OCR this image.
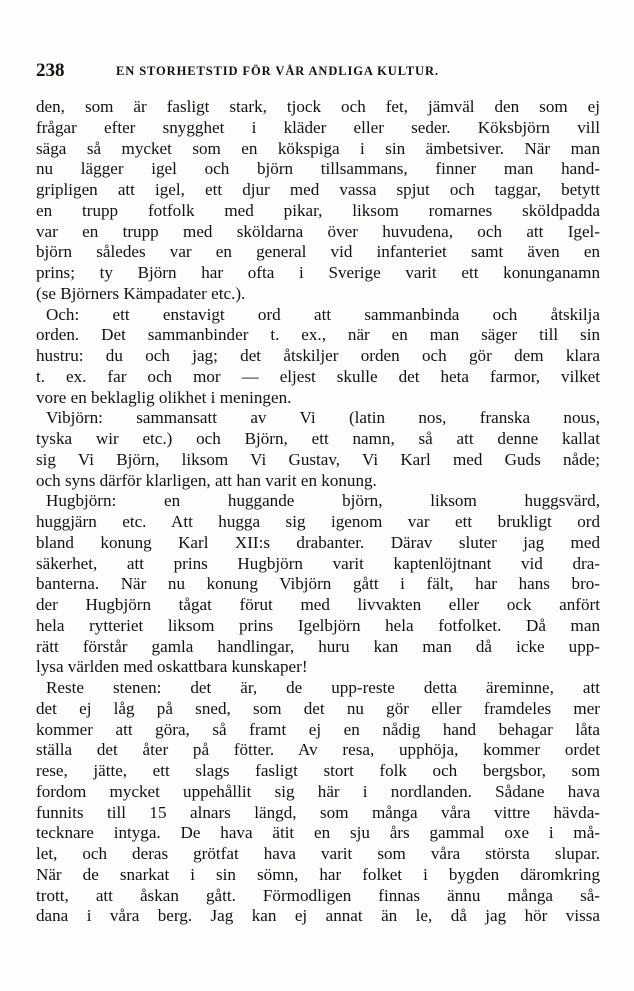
238	EN STORHETSTID FÖR VÅR ANDLIGA KULTUR.
den, som är fasligt stark, tjock och fet, jämväl den som ej
frågar efter snygghet i kläder eller seder. Köksbjörn vill
säga så mycket som en kökspiga i sin ämbetsiver. När man
nu lägger igel och björn tillsammans, finner man hand-
gripligen att igel, ett djur med vassa spjut och taggar, betytt
en trupp fotfolk med pikar, liksom romarnes sköldpadda
var en trupp med sköldarna över huvudena, och att Igel-
björn således var en general vid infanteriet samt även en
prins; ty Björn har ofta i Sverige varit ett konunganamn
(se Björners Kämpadater etc.).
Och: ett enstavigt ord att sammanbinda och åtskilja
orden. Det sammanbinder t. ex., när en man säger till sin
hustru: du och jag; det åtskiljer orden och gör dem klara
t. ex. far och mor — eljest skulle det heta farmor, vilket
vore en beklaglig olikhet i meningen.
Vibjörn: sammansatt av Vi (latin nos, franska nous,
tyska wir etc.) och Björn, ett namn, så att denne kallat
sig Vi Björn, liksom Vi Gustav, Vi Karl med Guds nåde;
och syns därför klarligen, att han varit en konung.
Hugbjörn: en huggande björn, liksom huggsvärd,
huggjärn etc. Att hugga sig igenom var ett brukligt ord
bland konung Karl XII:s drabanter. Därav sluter jag med
säkerhet, att prins Hugbjörn varit kaptenlöjtnant vid dra-
banterna. När nu konung Vibjörn gått i fält, har hans bro-
der Hugbjörn tågat förut med livvakten eller ock anfört
hela rytteriet liksom prins Igelbjörn hela fotfolket. Då man
rätt förstår gamla handlingar, huru kan man då icke upp-
lysa världen med oskattbara kunskaper!
Reste stenen: det är, de upp-reste detta äreminne, att
det ej låg på sned, som det nu gör eller framdeles mer
kommer att göra, så framt ej en nådig hand behagar låta
ställa det åter på fötter. Av resa, upphöja, kommer ordet
rese, jätte, ett slags fasligt stort folk och bergsbor, som
fordom mycket uppehållit sig här i nordlanden. Sådane hava
funnits till 15 alnars längd, som många våra vittre hävda-
tecknare intyga. De hava ätit en sju års gammal oxe i må-
let, och deras grötfat hava varit som våra största slupar.
När de snarkat i sin sömn, har folket i bygden däromkring
trott, att åskan gått. Förmodligen finnas ännu många så-
dana i våra berg. Jag kan ej annat än le, då jag hör vissa
